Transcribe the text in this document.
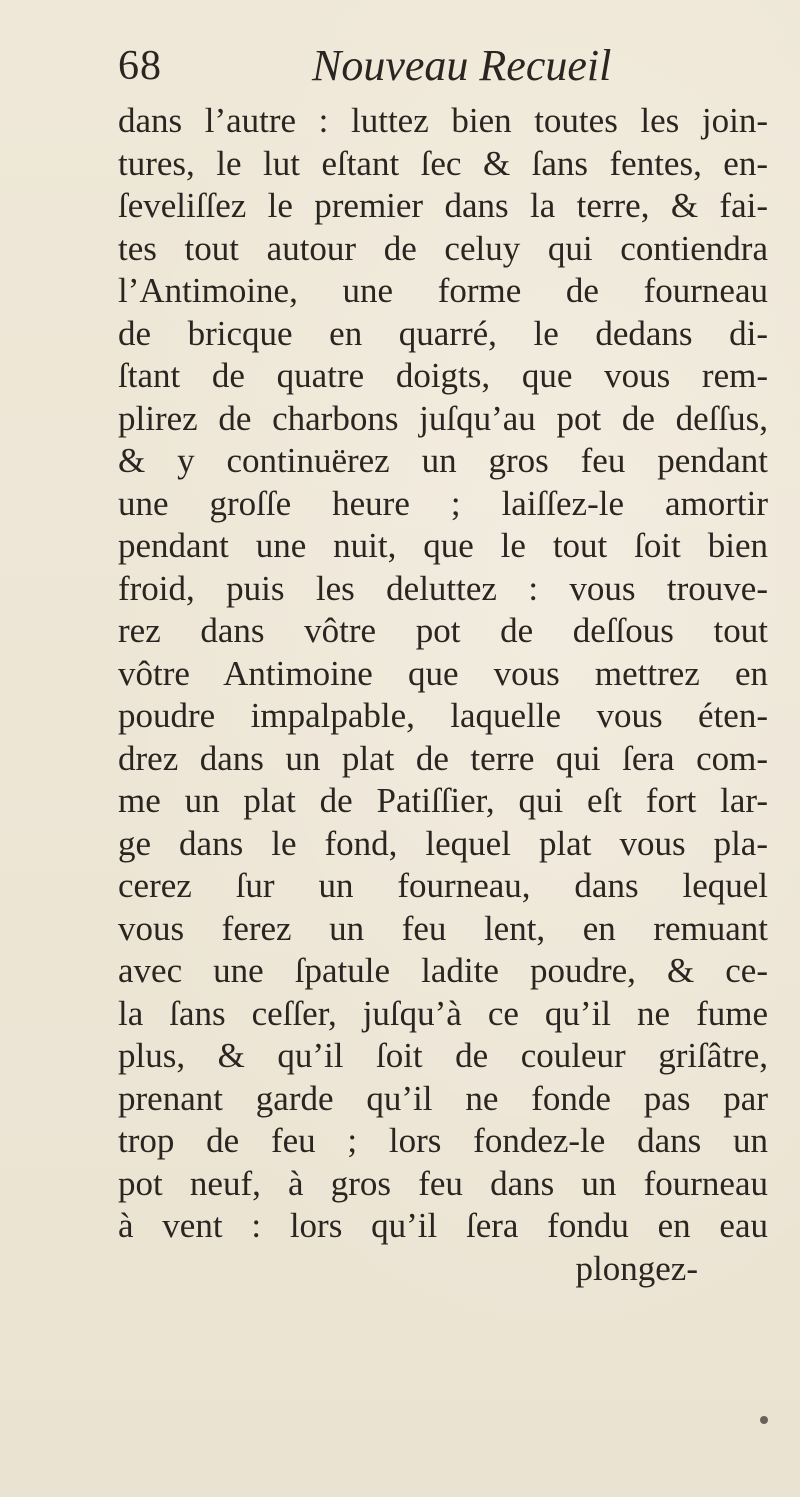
68	Nouveau Recueil
dans l’autre : luttez bien toutes les join-
tures, le lut eſtant ſec & ſans fentes, en-
ſeveliſſez le premier dans la terre, & fai-
tes tout autour de celuy qui contiendra
l’Antimoine, une forme de fourneau
de bricque en quarré, le dedans di-
ſtant de quatre doigts, que vous rem-
plirez de charbons juſqu’au pot de deſſus,
& y continuërez un gros feu pendant
une groſſe heure ; laiſſez-le amortir
pendant une nuit, que le tout ſoit bien
froid, puis les deluttez : vous trouve-
rez dans vôtre pot de deſſous tout
vôtre Antimoine que vous mettrez en
poudre impalpable, laquelle vous éten-
drez dans un plat de terre qui ſera com-
me un plat de Patiſſier, qui eſt fort lar-
ge dans le fond, lequel plat vous pla-
cerez ſur un fourneau, dans lequel
vous ferez un feu lent, en remuant
avec une ſpatule ladite poudre, & ce-
la ſans ceſſer, juſqu’à ce qu’il ne fume
plus, & qu’il ſoit de couleur griſâtre,
prenant garde qu’il ne fonde pas par
trop de feu ; lors fondez-le dans un
pot neuf, à gros feu dans un fourneau
à vent : lors qu’il ſera fondu en eau
plongez-
